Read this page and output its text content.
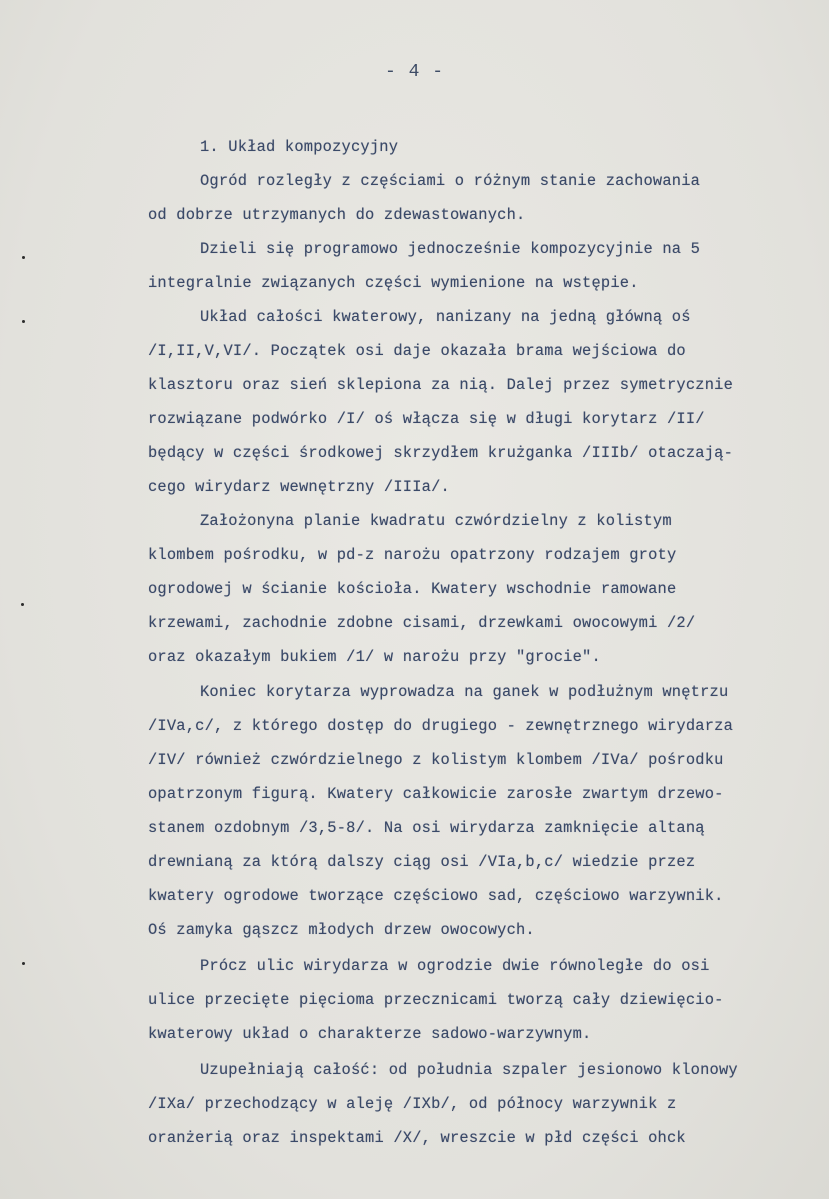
- 4 -
1. Układ kompozycyjny
Ogród rozległy z częściami o różnym stanie zachowania
od dobrze utrzymanych do zdewastowanych.
Dzieli się programowo jednocześnie kompozycyjnie na 5
integralnie związanych części wymienione na wstępie.
Układ całości kwaterowy, nanizany na jedną główną oś
/I,II,V,VI/. Początek osi daje okazała brama wejściowa do
klasztoru oraz sień sklepiona za nią. Dalej przez symetrycznie
rozwiązane podwórko /I/ oś włącza się w długi korytarz /II/
będący w części środkowej skrzydłem krużganka /IIIb/ otaczają-
cego wirydarz wewnętrzny /IIIa/.
Założonyna planie kwadratu czwórdzielny z kolistym
klombem pośrodku, w pd-z narożu opatrzony rodzajem groty
ogrodowej w ścianie kościoła. Kwatery wschodnie ramowane
krzewami, zachodnie zdobne cisami, drzewkami owocowymi /2/
oraz okazałym bukiem /1/ w narożu przy "grocie".
Koniec korytarza wyprowadza na ganek w podłużnym wnętrzu
/IVa,c/, z którego dostęp do drugiego - zewnętrznego wirydarza
/IV/ również czwórdzielnego z kolistym klombem /IVa/ pośrodku
opatrzonym figurą. Kwatery całkowicie zarosłe zwartym drzewo-
stanem ozdobnym /3,5-8/. Na osi wirydarza zamknięcie altaną
drewnianą za którą dalszy ciąg osi /VIa,b,c/ wiedzie przez
kwatery ogrodowe tworzące częściowo sad, częściowo warzywnik.
Oś zamyka gąszcz młodych drzew owocowych.
Prócz ulic wirydarza w ogrodzie dwie równoległe do osi
ulice przecięte pięcioma przecznicami tworzą cały dziewięcio-
kwaterowy układ o charakterze sadowo-warzywnym.
Uzupełniają całość: od południa szpaler jesionowo klonowy
/IXa/ przechodzący w aleję /IXb/, od północy warzywnik z
oranżerią oraz inspektami /X/, wreszcie w płd części ohck
